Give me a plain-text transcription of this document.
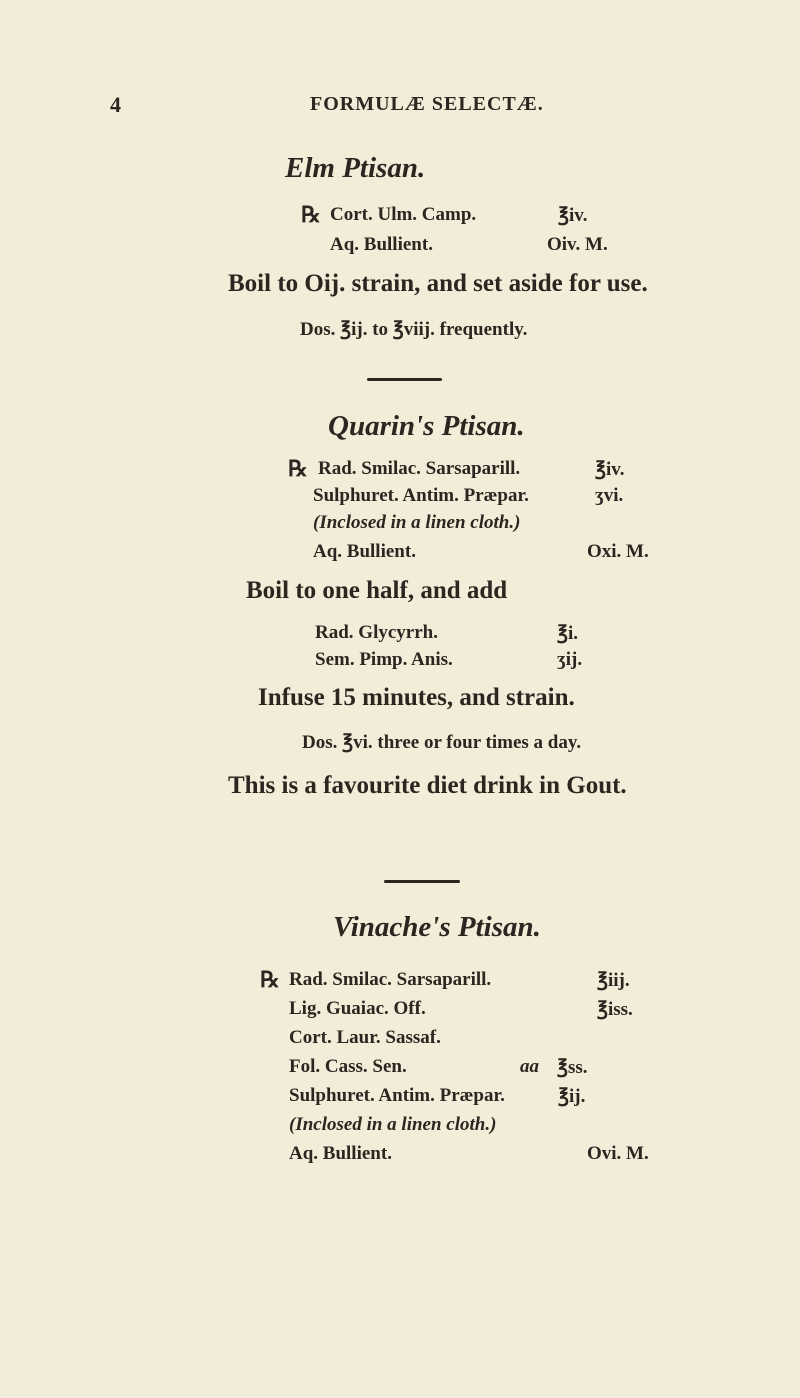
4	FORMULÆ SELECTÆ.
Elm Ptisan.
℞ Cort. Ulm. Camp.	℥iv.
Aq. Bullient.	Oiv. M.
Boil to Oij. strain, and set aside for use.
Dos. ℥ij. to ℥viij. frequently.
Quarin's Ptisan.
℞ Rad. Smilac. Sarsaparill.	℥iv.
Sulphuret. Antim. Præpar.	ʒvi.
(Inclosed in a linen cloth.)
Aq. Bullient.	Oxi. M.
Boil to one half, and add
Rad. Glycyrrh.	℥i.
Sem. Pimp. Anis.	ʒij.
Infuse 15 minutes, and strain.
Dos. ℥vi. three or four times a day.
This is a favourite diet drink in Gout.
Vinache's Ptisan.
℞ Rad. Smilac. Sarsaparill.	℥iij.
Lig. Guaiac. Off.	℥iss.
Cort. Laur. Sassaf.
Fol. Cass. Sen.	aa ℥ss.
Sulphuret. Antim. Præpar.	℥ij.
(Inclosed in a linen cloth.)
Aq. Bullient.	Ovi. M.
